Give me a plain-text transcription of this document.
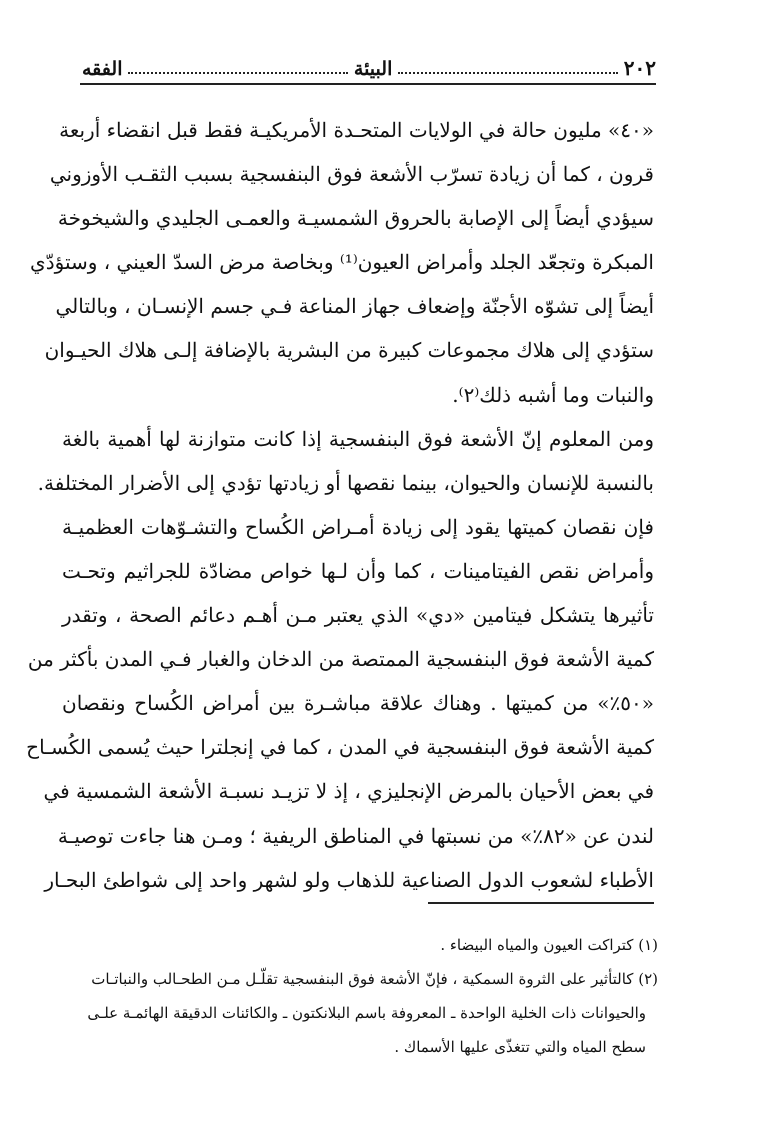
٢٠٢
البيئة
الفقه
«٤٠» مليون حالة في الولايات المتحـدة الأمريكيـة فقط قبل انقضاء أربعة
قرون ، كما أن زيادة تسرّب الأشعة فوق البنفسجية بسبب الثقـب الأوزوني
سيؤدي أيضاً إلى الإصابة بالحروق الشمسيـة والعمـى الجليدي والشيخوخة
المبكرة وتجعّد الجلد وأمراض العيون⁽¹⁾ وبخاصة مرض السدّ العيني ، وستؤدّي
أيضاً إلى تشوّه الأجنّة وإضعاف جهاز المناعة فـي جسم الإنسـان ، وبالتالي
ستؤدي إلى هلاك مجموعات كبيرة من البشرية بالإضافة إلـى هلاك الحيـوان
والنبات وما أشبه ذلك⁽٢⁾.
ومن المعلوم إنّ الأشعة فوق البنفسجية إذا كانت متوازنة لها أهمية بالغة
بالنسبة للإنسان والحيوان، بينما نقصها أو زيادتها تؤدي إلى الأضرار المختلفة.
فإن نقصان كميتها يقود إلى زيادة أمـراض الكُساح والتشـوّهات العظميـة
وأمراض نقص الفيتامينات ، كما وأن لـها خواص مضادّة للجراثيم وتحـت
تأثيرها يتشكل فيتامين «دي» الذي يعتبر مـن أهـم دعائم الصحة ، وتقدر
كمية الأشعة فوق البنفسجية الممتصة من الدخان والغبار فـي المدن بأكثر من
«٥٠٪» من كميتها . وهناك علاقة مباشـرة بين أمراض الكُساح ونقصان
كمية الأشعة فوق البنفسجية في المدن ، كما في إنجلترا حيث يُسمى الكُسـاح
في بعض الأحيان بالمرض الإنجليزي ، إذ لا تزيـد نسبـة الأشعة الشمسية في
لندن عن «٨٢٪» من نسبتها في المناطق الريفية ؛ ومـن هنا جاءت توصيـة
الأطباء لشعوب الدول الصناعية للذهاب ولو لشهر واحد إلى شواطئ البحـار
(١) كتراكت العيون والمياه البيضاء .
(٢) كالتأثير على الثروة السمكية ، فإنّ الأشعة فوق البنفسجية تقلّـل مـن الطحـالب والنباتـات
والحيوانات ذات الخلية الواحدة ـ المعروفة باسم البلانكتون ـ والكائنات الدقيقة الهائمـة علـى
سطح المياه والتي تتغذّى عليها الأسماك .
